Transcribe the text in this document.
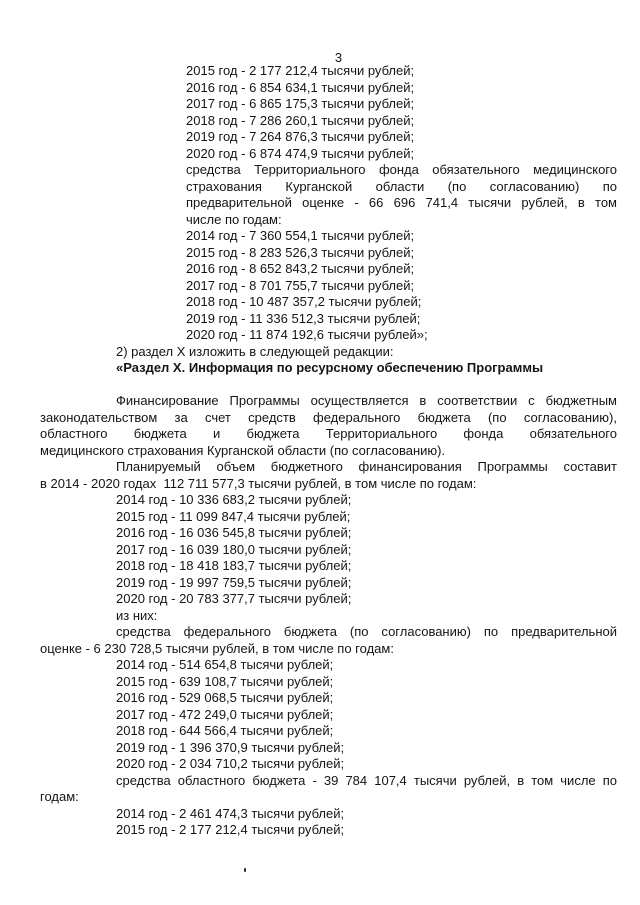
3
2015 год - 2 177 212,4 тысячи рублей;
2016 год - 6 854 634,1 тысячи рублей;
2017 год - 6 865 175,3 тысячи рублей;
2018 год - 7 286 260,1 тысячи рублей;
2019 год - 7 264 876,3 тысячи рублей;
2020 год - 6 874 474,9 тысячи рублей;
средства Территориального фонда обязательного медицинского
страхования Курганской области (по согласованию) по
предварительной оценке - 66 696 741,4 тысячи рублей, в том
числе по годам:
2014 год - 7 360 554,1 тысячи рублей;
2015 год - 8 283 526,3 тысячи рублей;
2016 год - 8 652 843,2 тысячи рублей;
2017 год - 8 701 755,7 тысячи рублей;
2018 год - 10 487 357,2 тысячи рублей;
2019 год - 11 336 512,3 тысячи рублей;
2020 год - 11 874 192,6 тысячи рублей»;
2) раздел X изложить в следующей редакции:
«Раздел X. Информация по ресурсному обеспечению Программы

Финансирование Программы осуществляется в соответствии с бюджетным
законодательством за счет средств федерального бюджета (по согласованию),
областного бюджета и бюджета Территориального фонда обязательного
медицинского страхования Курганской области (по согласованию).
Планируемый объем бюджетного финансирования Программы составит
в 2014 - 2020 годах  112 711 577,3 тысячи рублей, в том числе по годам:
2014 год - 10 336 683,2 тысячи рублей;
2015 год - 11 099 847,4 тысячи рублей;
2016 год - 16 036 545,8 тысячи рублей;
2017 год - 16 039 180,0 тысячи рублей;
2018 год - 18 418 183,7 тысячи рублей;
2019 год - 19 997 759,5 тысячи рублей;
2020 год - 20 783 377,7 тысячи рублей;
из них:
средства федерального бюджета (по согласованию) по предварительной
оценке - 6 230 728,5 тысячи рублей, в том числе по годам:
2014 год - 514 654,8 тысячи рублей;
2015 год - 639 108,7 тысячи рублей;
2016 год - 529 068,5 тысячи рублей;
2017 год - 472 249,0 тысячи рублей;
2018 год - 644 566,4 тысячи рублей;
2019 год - 1 396 370,9 тысячи рублей;
2020 год - 2 034 710,2 тысячи рублей;
средства областного бюджета - 39 784 107,4 тысячи рублей, в том числе по
годам:
2014 год - 2 461 474,3 тысячи рублей;
2015 год - 2 177 212,4 тысячи рублей;
